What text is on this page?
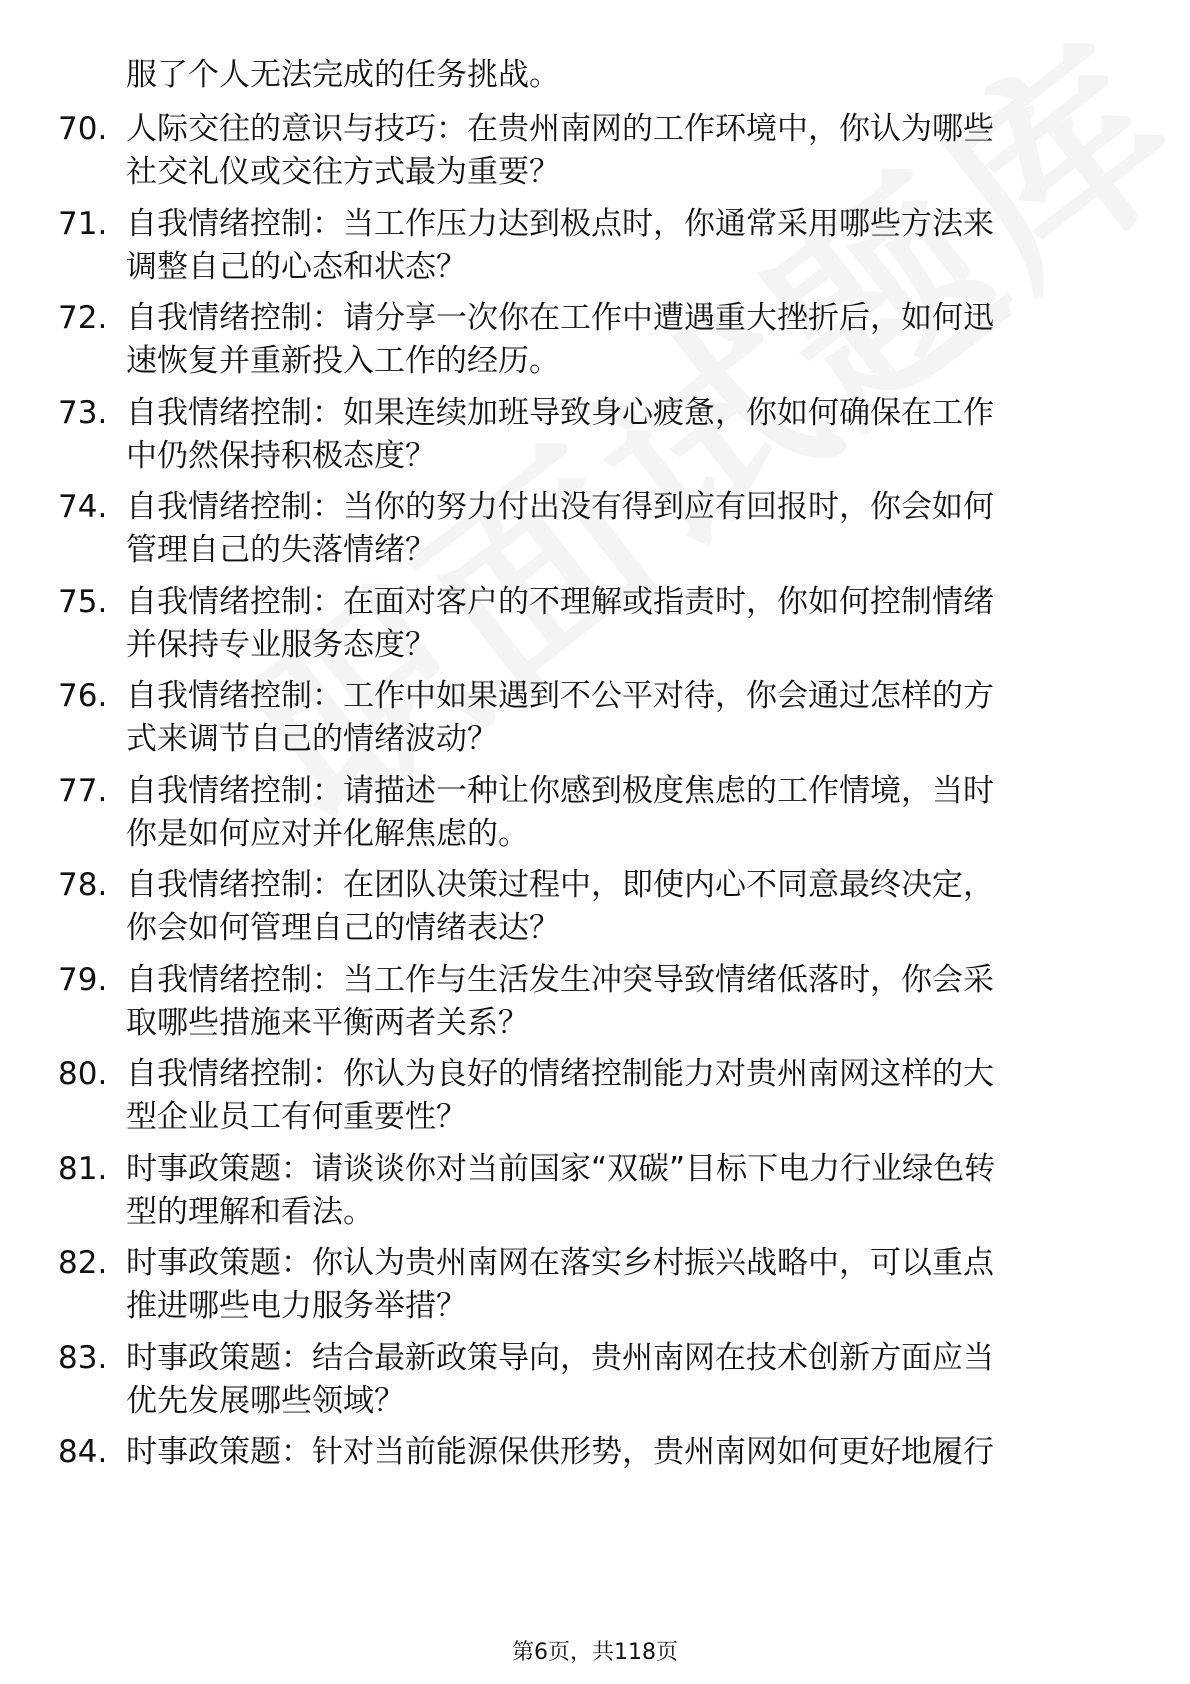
服了个人无法完成的任务挑战。
70. 人际交往的意识与技巧：在贵州南网的工作环境中，你认为哪些
社交礼仪或交往方式最为重要？
71. 自我情绪控制：当工作压力达到极点时，你通常采用哪些方法来
调整自己的心态和状态？
72. 自我情绪控制：请分享一次你在工作中遭遇重大挫折后，如何迅
速恢复并重新投入工作的经历。
73. 自我情绪控制：如果连续加班导致身心疲惫，你如何确保在工作
中仍然保持积极态度？
74. 自我情绪控制：当你的努力付出没有得到应有回报时，你会如何
管理自己的失落情绪？
75. 自我情绪控制：在面对客户的不理解或指责时，你如何控制情绪
并保持专业服务态度？
76. 自我情绪控制：工作中如果遇到不公平对待，你会通过怎样的方
式来调节自己的情绪波动？
77. 自我情绪控制：请描述一种让你感到极度焦虑的工作情境，当时
你是如何应对并化解焦虑的。
78. 自我情绪控制：在团队决策过程中，即使内心不同意最终决定，
你会如何管理自己的情绪表达？
79. 自我情绪控制：当工作与生活发生冲突导致情绪低落时，你会采
取哪些措施来平衡两者关系？
80. 自我情绪控制：你认为良好的情绪控制能力对贵州南网这样的大
型企业员工有何重要性？
81. 时事政策题：请谈谈你对当前国家“双碳”目标下电力行业绿色转
型的理解和看法。
82. 时事政策题：你认为贵州南网在落实乡村振兴战略中，可以重点
推进哪些电力服务举措？
83. 时事政策题：结合最新政策导向，贵州南网在技术创新方面应当
优先发展哪些领域？
84. 时事政策题：针对当前能源保供形势，贵州南网如何更好地履行
第6页，共118页
